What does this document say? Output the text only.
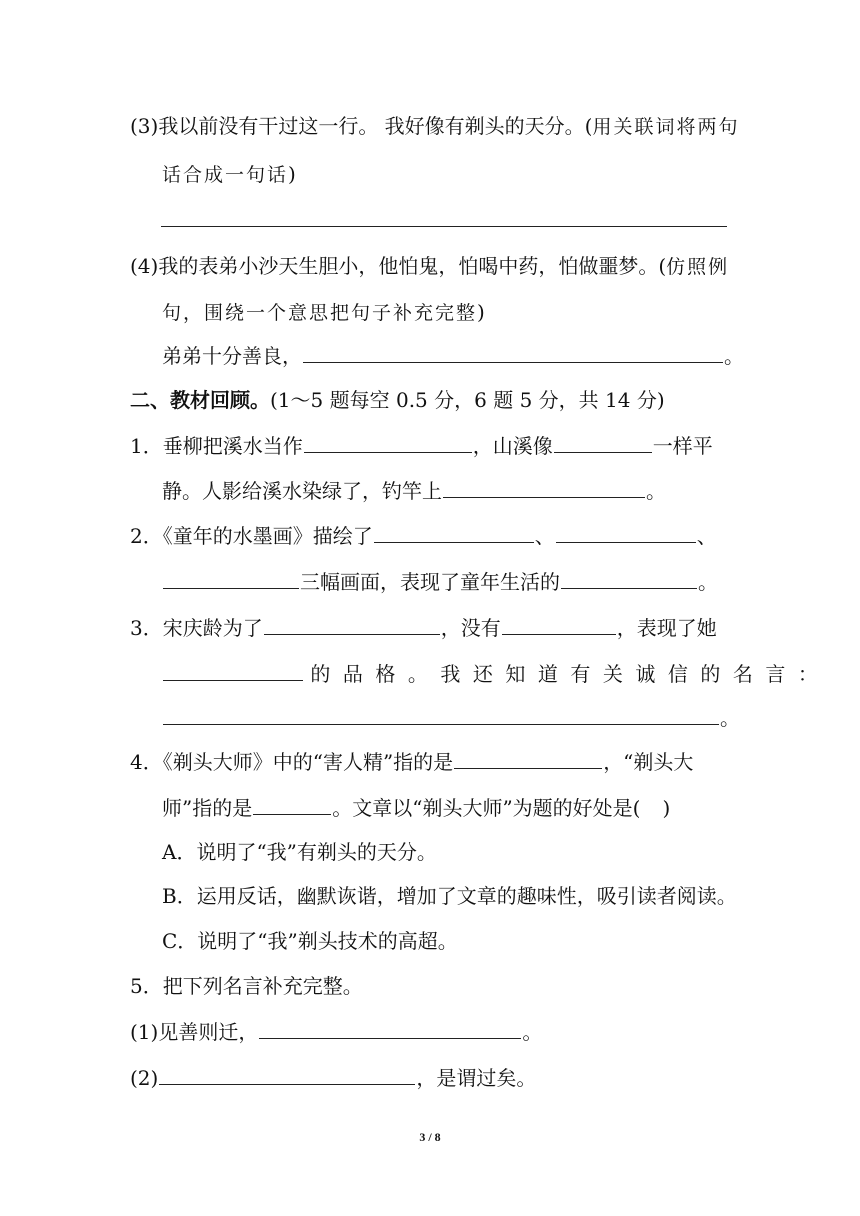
(3)我以前没有干过这一行。 我好像有剃头的天分。(用关联词将两句
话合成一句话)
(4)我的表弟小沙天生胆小，他怕鬼，怕喝中药，怕做噩梦。(仿照例
句，围绕一个意思把句子补充完整)
弟弟十分善良，	。
二、教材回顾。(1～5 题每空 0.5 分，6 题 5 分，共 14 分)
1．垂柳把溪水当作	，山溪像	一样平
静。人影给溪水染绿了，钓竿上	。
2．《童年的水墨画》描绘了	、	、
三幅画面，表现了童年生活的	。
3．宋庆龄为了	，没有	，表现了她
的品格。我还知道有关诚信的名言：
。
4．《剃头大师》中的“害人精”指的是	，“剃头大
师”指的是	。文章以“剃头大师”为题的好处是( )
A．说明了“我”有剃头的天分。
B．运用反话，幽默诙谐，增加了文章的趣味性，吸引读者阅读。
C．说明了“我”剃头技术的高超。
5．把下列名言补充完整。
(1)见善则迁，	。
(2)	，是谓过矣。
3 / 8
